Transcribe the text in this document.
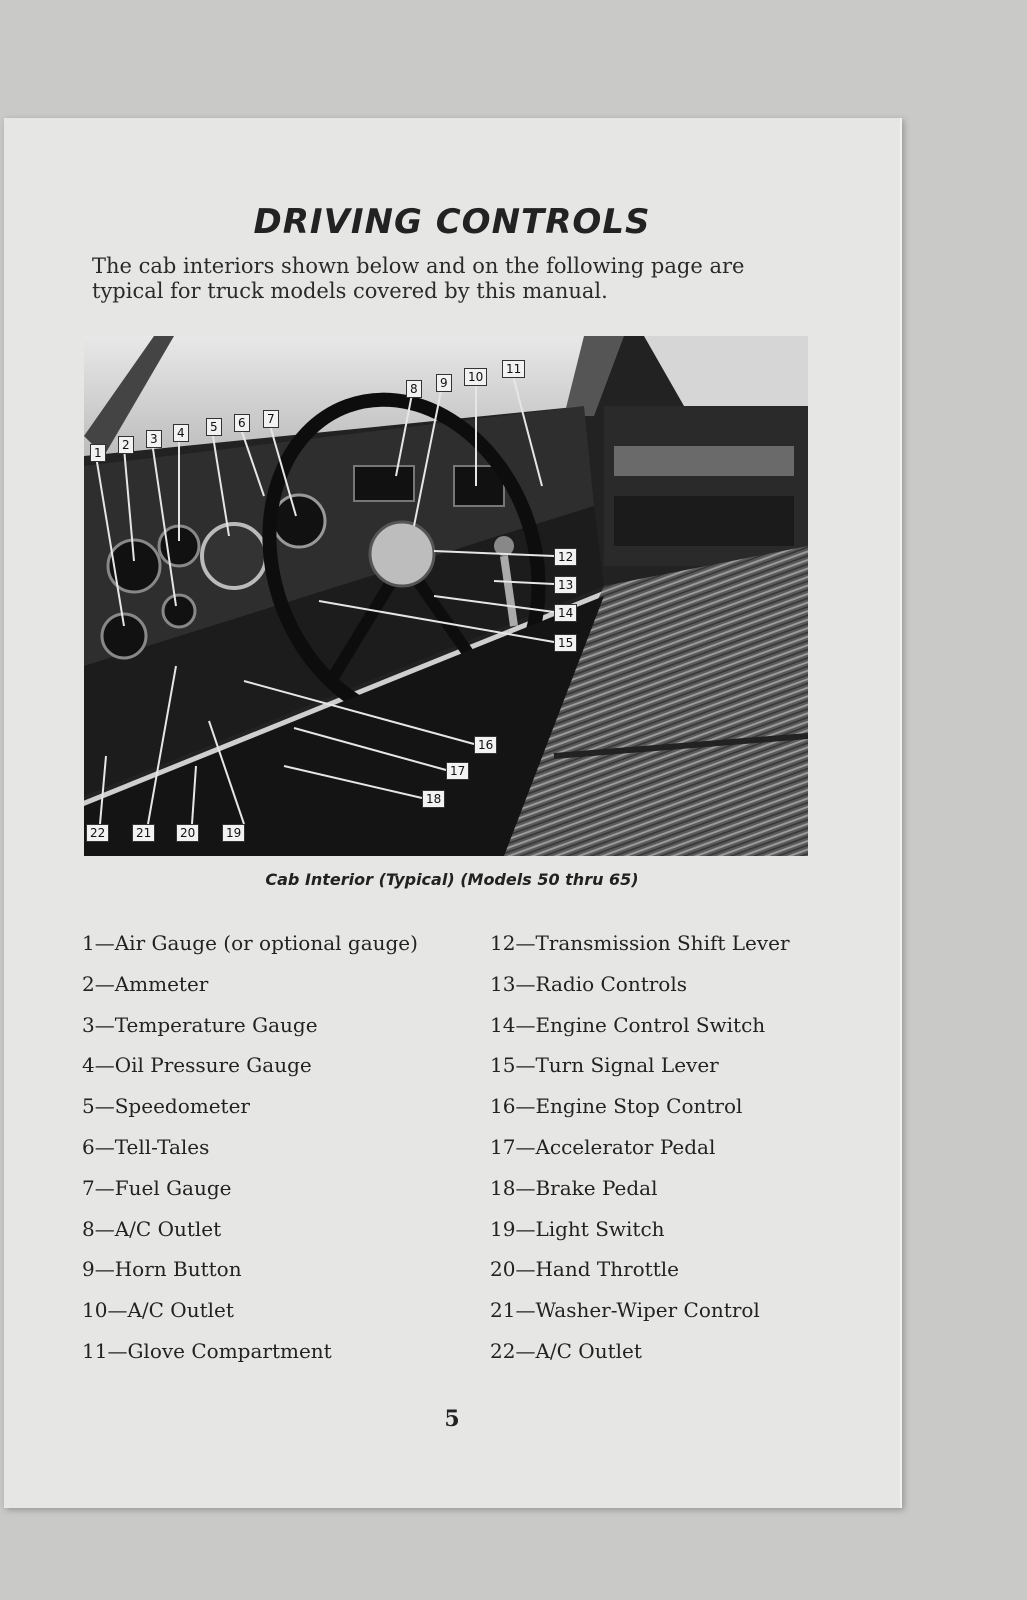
DRIVING CONTROLS
The cab interiors shown below and on the following page are typical for truck models covered by this manual.
1
2	3	4	5	6	7
8	9	10
11
12
13
14
15
16
17
18
19
20
21
22
Cab Interior (Typical) (Models 50 thru 65)
1—Air Gauge (or optional gauge)
2—Ammeter
3—Temperature Gauge
4—Oil Pressure Gauge
5—Speedometer
6—Tell-Tales
7—Fuel Gauge
8—A/C Outlet
9—Horn Button
10—A/C Outlet
11—Glove Compartment
12—Transmission Shift Lever
13—Radio Controls
14—Engine Control Switch
15—Turn Signal Lever
16—Engine Stop Control
17—Accelerator Pedal
18—Brake Pedal
19—Light Switch
20—Hand Throttle
21—Washer-Wiper Control
22—A/C Outlet
5
